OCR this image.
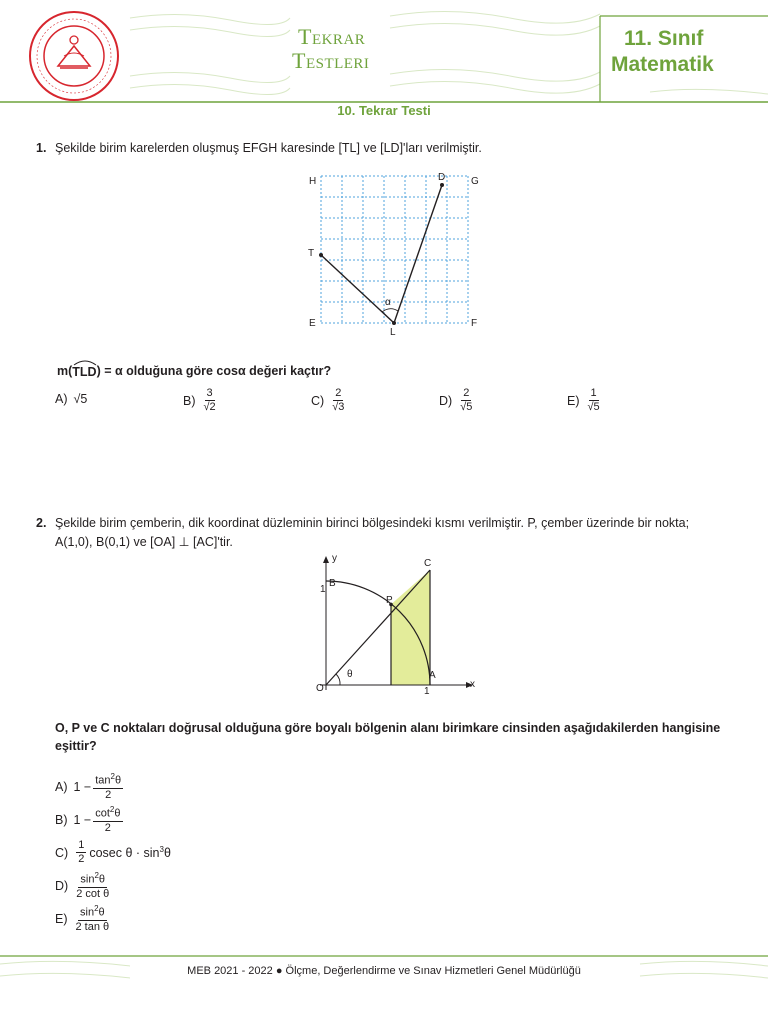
Tekrar
Testleri
11. Sınıf
Matematik
10. Tekrar Testi
1. Şekilde birim karelerden oluşmuş EFGH karesinde [TL] ve [LD]'ları verilmiştir.
H	G
D
T
E	F
L
α
m( TLD ) = α olduğuna göre cosα değeri kaçtır?
A) √5	$B) \frac{3}{√2}$	$C) \frac{2}{√3}$	$D) \frac{2}{√5}$	$E) \frac{1}{√5}$
2. Şekilde birim çemberin, dik koordinat düzleminin birinci bölgesindeki kısmı verilmiştir. P, çember üzerinde bir nokta;
A(1,0), B(0,1) ve [OA] ⊥ [AC]'tir.
y
x
B
1
C
P
A
1
O
θ
O, P ve C noktaları doğrusal olduğuna göre boyalı bölgenin alanı birimkare cinsinden aşağıdakilerden hangisine
eşittir?
A) $1 - \frac{\tan^2\theta}{2}$
B) $1 - \frac{\cot^2\theta}{2}$
$C) \frac{1}{2}$ cosec $\theta \cdot \sin^3\theta$
$D) \frac{\sin^2\theta}{\text{2 cot θ}}$
$E) \frac{\sin^2\theta}{\text{2 tan θ}}$
MEB 2021 - 2022 ● Ölçme, Değerlendirme ve Sınav Hizmetleri Genel Müdürlüğü
